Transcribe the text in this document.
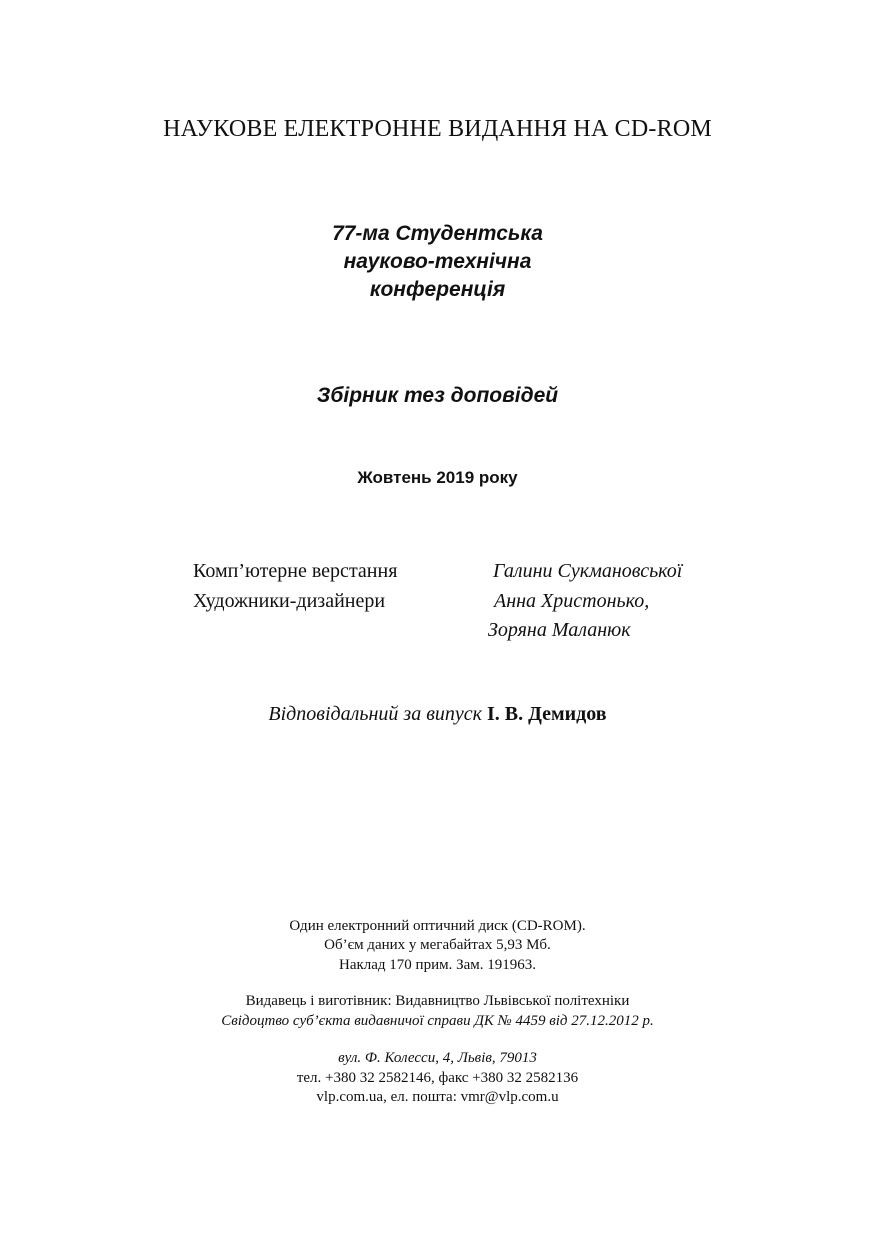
НАУКОВЕ ЕЛЕКТРОННЕ ВИДАННЯ НА CD-ROM
77-ма Студентська
науково-технічна
конференція
Збірник тез доповідей
Жовтень 2019 року
Комп’ютерне верстання	Галини Сукмановської
Художники-дизайнери	Анна Христонько,
Зоряна Маланюк
Відповідальний за випуск І. В. Демидов
Один електронний оптичний диск (CD-ROM).
Об’єм даних у мегабайтах 5,93 Мб.
Наклад 170 прим. Зам. 191963.
Видавець і виготівник: Видавництво Львівської політехніки
Свідоцтво суб’єкта видавничої справи ДК № 4459 від 27.12.2012 р.
вул. Ф. Колесси, 4, Львів, 79013
тел. +380 32 2582146, факс +380 32 2582136
vlp.com.ua, ел. пошта: vmr@vlp.com.u
